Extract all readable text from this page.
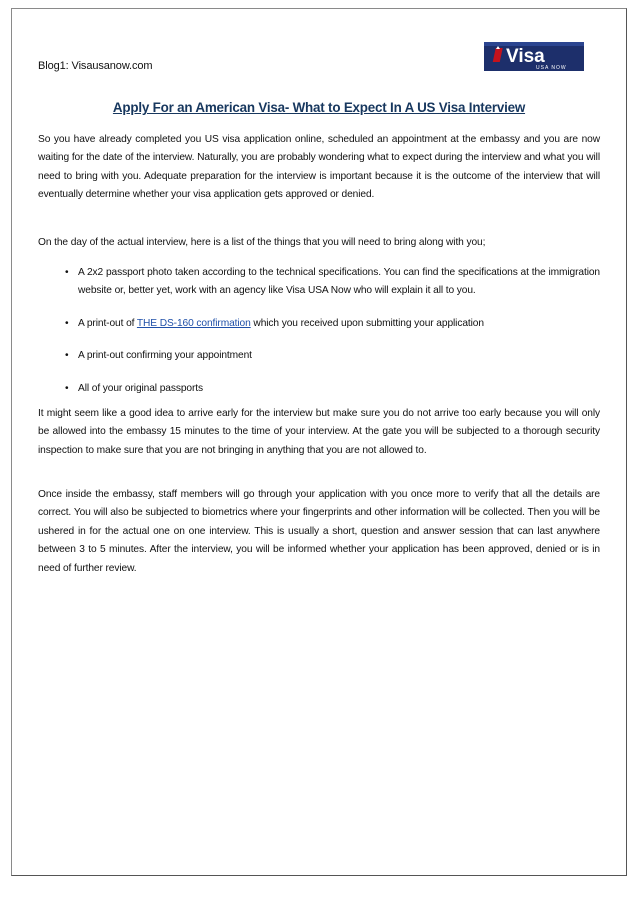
Blog1: Visausanow.com	Visa
USA NOW
Apply For an American Visa- What to Expect In A US Visa Interview

So you have already completed you US visa application online, scheduled an appointment at the embassy and you are now waiting for the date of the interview. Naturally, you are probably wondering what to expect during the interview and what you will need to bring with you. Adequate preparation for the interview is important because it is the outcome of the interview that will eventually determine whether your visa application gets approved or denied.

On the day of the actual interview, here is a list of the things that you will need to bring along with you;

• A 2x2 passport photo taken according to the technical specifications. You can find the specifications at the immigration website or, better yet, work with an agency like Visa USA Now who will explain it all to you.
• A print-out of THE DS-160 confirmation which you received upon submitting your application
• A print-out confirming your appointment
• All of your original passports

It might seem like a good idea to arrive early for the interview but make sure you do not arrive too early because you will only be allowed into the embassy 15 minutes to the time of your interview. At the gate you will be subjected to a thorough security inspection to make sure that you are not bringing in anything that you are not allowed to.

Once inside the embassy, staff members will go through your application with you once more to verify that all the details are correct. You will also be subjected to biometrics where your fingerprints and other information will be collected. Then you will be ushered in for the actual one on one interview. This is usually a short, question and answer session that can last anywhere between 3 to 5 minutes. After the interview, you will be informed whether your application has been approved, denied or is in need of further review.
